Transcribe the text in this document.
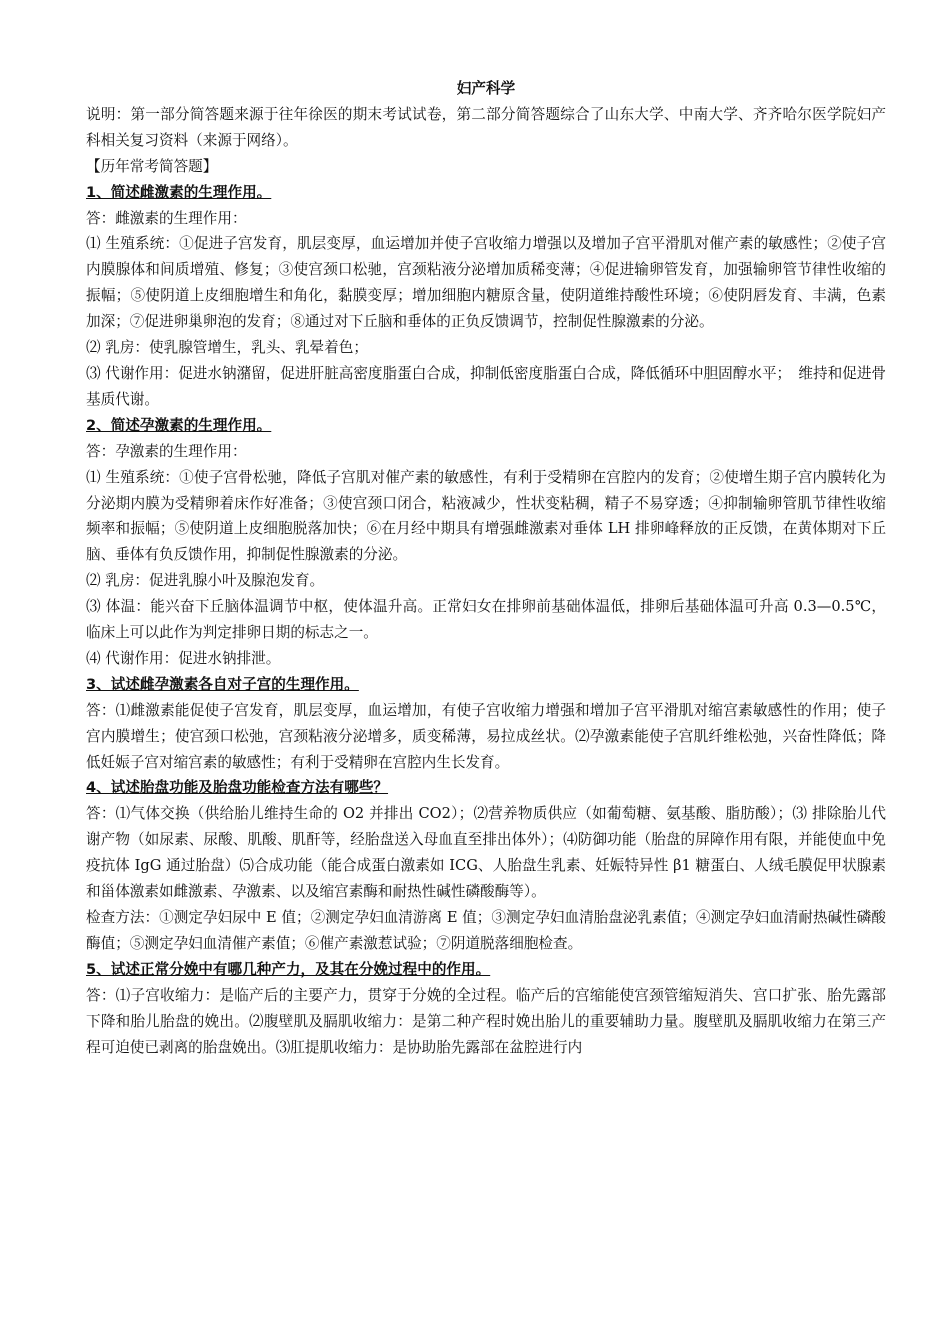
妇产科学

说明：第一部分简答题来源于往年徐医的期末考试试卷，第二部分简答题综合了山东大学、中南大学、齐齐哈尔医学院妇产科相关复习资料（来源于网络）。

【历年常考简答题】

1、简述雌激素的生理作用。

答：雌激素的生理作用：

⑴ 生殖系统：①促进子宫发育，肌层变厚，血运增加并使子宫收缩力增强以及增加子宫平滑肌对催产素的敏感性；②使子宫内膜腺体和间质增殖、修复；③使宫颈口松驰，宫颈粘液分泌增加质稀变薄；④促进输卵管发育，加强输卵管节律性收缩的振幅；⑤使阴道上皮细胞增生和角化，黏膜变厚；增加细胞内糖原含量，使阴道维持酸性环境；⑥使阴唇发育、丰满，色素加深；⑦促进卵巢卵泡的发育；⑧通过对下丘脑和垂体的正负反馈调节，控制促性腺激素的分泌。

⑵ 乳房：使乳腺管增生，乳头、乳晕着色；

⑶ 代谢作用：促进水钠潴留，促进肝脏高密度脂蛋白合成，抑制低密度脂蛋白合成，降低循环中胆固醇水平；　维持和促进骨基质代谢。

2、简述孕激素的生理作用。

答：孕激素的生理作用：

⑴ 生殖系统：①使子宫骨松驰，降低子宫肌对催产素的敏感性，有利于受精卵在宫腔内的发育；②使增生期子宫内膜转化为分泌期内膜为受精卵着床作好准备；③使宫颈口闭合，粘液减少，性状变粘稠，精子不易穿透；④抑制输卵管肌节律性收缩频率和振幅；⑤使阴道上皮细胞脱落加快；⑥在月经中期具有增强雌激素对垂体 LH 排卵峰释放的正反馈，在黄体期对下丘脑、垂体有负反馈作用，抑制促性腺激素的分泌。

⑵ 乳房：促进乳腺小叶及腺泡发育。

⑶ 体温：能兴奋下丘脑体温调节中枢，使体温升高。正常妇女在排卵前基础体温低，排卵后基础体温可升高 0.3—0.5℃，临床上可以此作为判定排卵日期的标志之一。

⑷ 代谢作用：促进水钠排泄。

3、试述雌孕激素各自对子宫的生理作用。

答：⑴雌激素能促使子宫发育，肌层变厚，血运增加，有使子宫收缩力增强和增加子宫平滑肌对缩宫素敏感性的作用；使子宫内膜增生；使宫颈口松弛，宫颈粘液分泌增多，质变稀薄，易拉成丝状。⑵孕激素能使子宫肌纤维松弛，兴奋性降低；降低妊娠子宫对缩宫素的敏感性；有利于受精卵在宫腔内生长发育。

4、试述胎盘功能及胎盘功能检查方法有哪些？

答：⑴气体交换（供给胎儿维持生命的 O2 并排出 CO2）；⑵营养物质供应（如葡萄糖、氨基酸、脂肪酸）；⑶ 排除胎儿代谢产物（如尿素、尿酸、肌酸、肌酐等，经胎盘送入母血直至排出体外）；⑷防御功能（胎盘的屏障作用有限，并能使血中免疫抗体 IgG 通过胎盘）⑸合成功能（能合成蛋白激素如 ICG、人胎盘生乳素、妊娠特异性 β1 糖蛋白、人绒毛膜促甲状腺素和甾体激素如雌激素、孕激素、以及缩宫素酶和耐热性碱性磷酸酶等）。

检查方法：①测定孕妇尿中 E 值；②测定孕妇血清游离 E 值；③测定孕妇血清胎盘泌乳素值；④测定孕妇血清耐热碱性磷酸酶值；⑤测定孕妇血清催产素值；⑥催产素激惹试验；⑦阴道脱落细胞检查。

5、试述正常分娩中有哪几种产力，及其在分娩过程中的作用。

答：⑴子宫收缩力：是临产后的主要产力，贯穿于分娩的全过程。临产后的宫缩能使宫颈管缩短消失、宫口扩张、胎先露部下降和胎儿胎盘的娩出。⑵腹壁肌及膈肌收缩力：是第二种产程时娩出胎儿的重要辅助力量。腹壁肌及膈肌收缩力在第三产程可迫使已剥离的胎盘娩出。⑶肛提肌收缩力：是协助胎先露部在盆腔进行内
